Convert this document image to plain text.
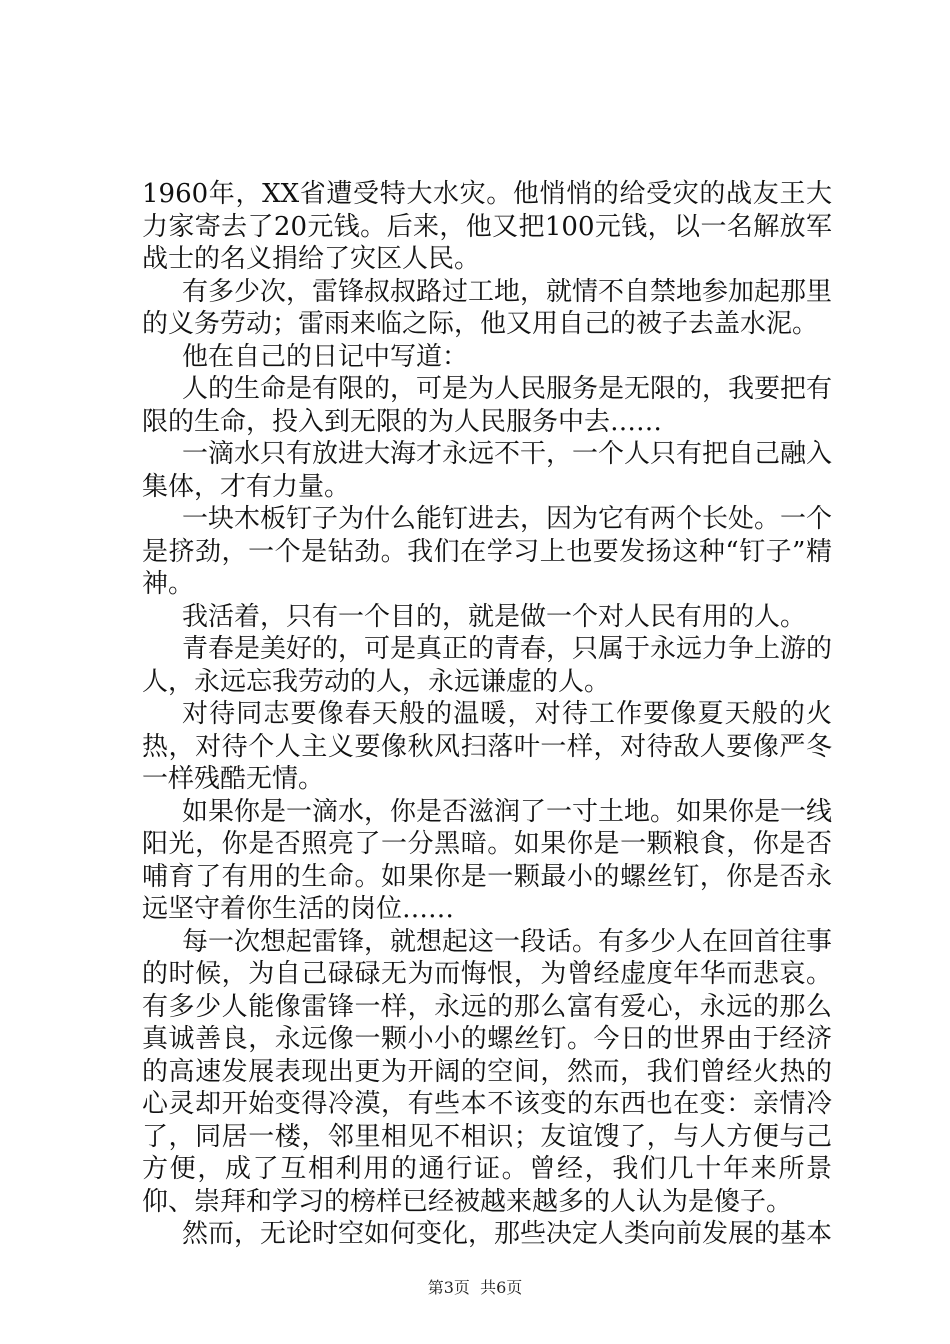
1960年，XX省遭受特大水灾。他悄悄的给受灾的战友王大力家寄去了20元钱。后来，他又把100元钱，以一名解放军战士的名义捐给了灾区人民。

有多少次，雷锋叔叔路过工地，就情不自禁地参加起那里的义务劳动；雷雨来临之际，他又用自己的被子去盖水泥。

他在自己的日记中写道：

人的生命是有限的，可是为人民服务是无限的，我要把有限的生命，投入到无限的为人民服务中去……

一滴水只有放进大海才永远不干，一个人只有把自己融入集体，才有力量。

一块木板钉子为什么能钉进去，因为它有两个长处。一个是挤劲，一个是钻劲。我们在学习上也要发扬这种“钉子”精神。

我活着，只有一个目的，就是做一个对人民有用的人。

青春是美好的，可是真正的青春，只属于永远力争上游的人，永远忘我劳动的人，永远谦虚的人。

对待同志要像春天般的温暖，对待工作要像夏天般的火热，对待个人主义要像秋风扫落叶一样，对待敌人要像严冬一样残酷无情。

如果你是一滴水，你是否滋润了一寸土地。如果你是一线阳光，你是否照亮了一分黑暗。如果你是一颗粮食，你是否哺育了有用的生命。如果你是一颗最小的螺丝钉，你是否永远坚守着你生活的岗位……

每一次想起雷锋，就想起这一段话。有多少人在回首往事的时候，为自己碌碌无为而悔恨，为曾经虚度年华而悲哀。有多少人能像雷锋一样，永远的那么富有爱心，永远的那么真诚善良，永远像一颗小小的螺丝钉。今日的世界由于经济的高速发展表现出更为开阔的空间，然而，我们曾经火热的心灵却开始变得冷漠，有些本不该变的东西也在变：亲情冷了，同居一楼，邻里相见不相识；友谊馊了，与人方便与己方便，成了互相利用的通行证。曾经，我们几十年来所景仰、崇拜和学习的榜样已经被越来越多的人认为是傻子。

然而，无论时空如何变化，那些决定人类向前发展的基本

第3页  共6页
